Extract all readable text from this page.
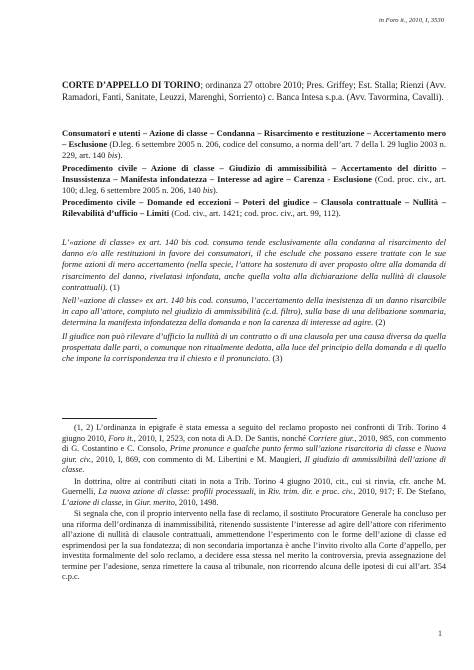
in Foro it., 2010, I, 3530
CORTE D’APPELLO DI TORINO; ordinanza 27 ottobre 2010; Pres. Griffey; Est. Stalla; Rienzi (Avv. Ramadori, Fanti, Sanitate, Leuzzi, Marenghi, Sorriento) c. Banca Intesa s.p.a. (Avv. Tavormina, Cavalli).

Consumatori e utenti – Azione di classe – Condanna – Risarcimento e restituzione – Accertamento mero – Esclusione (D.leg. 6 settembre 2005 n. 206, codice del consumo, a norma dell’art. 7 della l. 29 luglio 2003 n. 229, art. 140 bis).

Procedimento civile – Azione di classe – Giudizio di ammissibilità – Accertamento del diritto – Insussistenza – Manifesta infondatezza – Interesse ad agire – Carenza - Esclusione (Cod. proc. civ., art. 100; d.leg. 6 settembre 2005 n. 206, 140 bis).

Procedimento civile – Domande ed eccezioni – Poteri del giudice – Clausola contrattuale – Nullità – Rilevabilità d’ufficio – Limiti (Cod. civ., art. 1421; cod. proc. civ., art. 99, 112).

L’«azione di classe» ex art. 140 bis cod. consumo tende esclusivamente alla condanna al risarcimento del danno e/o alle restituzioni in favore dei consumatori, il che esclude che possano essere trattate con le sue forme azioni di mero accertamento (nella specie, l’attore ha sostenuto di aver proposto oltre alla domanda di risarcimento del danno, rivelatasi infondata, anche quella volta alla dichiarazione della nullità di clausole contrattuali). (1)

Nell’«azione di classe» ex art. 140 bis cod. consumo, l’accertamento della inesistenza di un danno risarcibile in capo all’attore, compiuto nel giudizio di ammissibilità (c.d. filtro), sulla base di una delibazione sommaria, determina la manifesta infondatezza della domanda e non la carenza di interesse ad agire. (2)

Il giudice non può rilevare d’ufficio la nullità di un contratto o di una clausola per una causa diversa da quella prospettata dalle parti, o comunque non ritualmente dedotta, alla luce del principio della domanda e di quello che impone la corrispondenza tra il chiesto e il pronunciato. (3)

(1, 2) L’ordinanza in epigrafe è stata emessa a seguito del reclamo proposto nei confronti di Trib. Torino 4 giugno 2010, Foro it., 2010, I, 2523, con nota di A.D. De Santis, nonché Corriere giur., 2010, 985, con commento di G. Costantino e C. Consolo, Prime pronunce e qualche punto fermo sull’azione risarcitoria di classe e Nuova giur. civ., 2010, I, 869, con commento di M. Libertini e M. Maugieri, Il giudizio di ammissibilità dell’azione di classe.

In dottrina, oltre ai contributi citati in nota a Trib. Torino 4 giugno 2010, cit., cui si rinvia, cfr. anche M. Guernelli, La nuova azione di classe: profili processuali, in Riv. trim. dir. e proc. civ., 2010, 917; F. De Stefano, L’azione di classe, in Giur. merito, 2010, 1498.

Si segnala che, con il proprio intervento nella fase di reclamo, il sostituto Procuratore Generale ha concluso per una riforma dell’ordinanza di inammissibilità, ritenendo sussistente l’interesse ad agire dell’attore con riferimento all’azione di nullità di clausole contrattuali, ammettendone l’esperimento con le forme dell’azione di classe ed esprimendosi per la sua fondatezza; di non secondaria importanza è anche l’invito rivolto alla Corte d’appello, per investita formalmente del solo reclamo, a decidere essa stessa nel merito la controversia, previa assegnazione del termine per l’adesione, senza rimettere la causa al tribunale, non ricorrendo alcuna delle ipotesi di cui all’art. 354 c.p.c.

1
